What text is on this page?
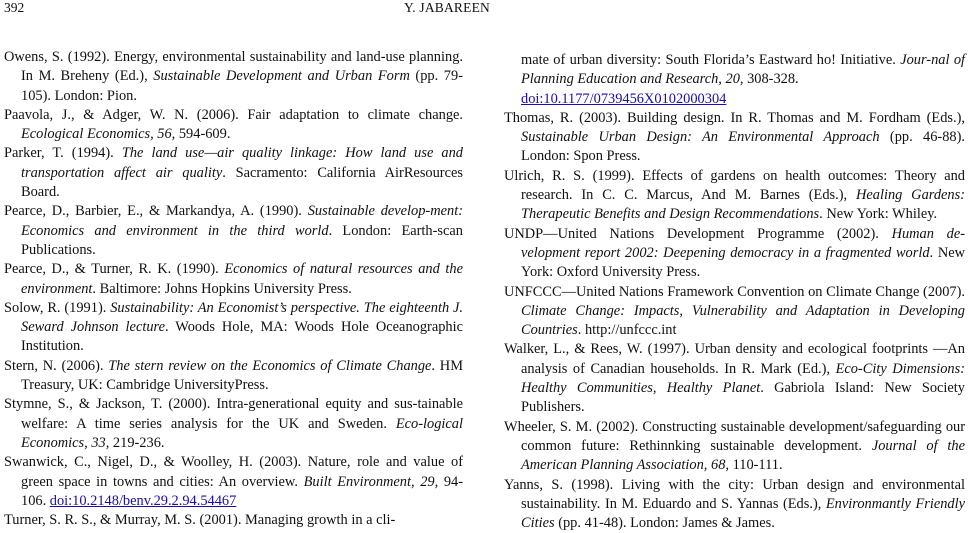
392	Y. JABAREEN

Owens, S. (1992). Energy, environmental sustainability and land-use planning. In M. Breheny (Ed.), Sustainable Development and Urban Form (pp. 79-105). London: Pion.

Paavola, J., & Adger, W. N. (2006). Fair adaptation to climate change. Ecological Economics, 56, 594-609.

Parker, T. (1994). The land use—air quality linkage: How land use and transportation affect air quality. Sacramento: California AirResources Board.

Pearce, D., Barbier, E., & Markandya, A. (1990). Sustainable develop-ment: Economics and environment in the third world. London: Earth-scan Publications.

Pearce, D., & Turner, R. K. (1990). Economics of natural resources and the environment. Baltimore: Johns Hopkins University Press.

Solow, R. (1991). Sustainability: An Economist’s perspective. The eighteenth J. Seward Johnson lecture. Woods Hole, MA: Woods Hole Oceanographic Institution.

Stern, N. (2006). The stern review on the Economics of Climate Change. HM Treasury, UK: Cambridge UniversityPress.

Stymne, S., & Jackson, T. (2000). Intra-generational equity and sus-tainable welfare: A time series analysis for the UK and Sweden. Eco-logical Economics, 33, 219-236.

Swanwick, C., Nigel, D., & Woolley, H. (2003). Nature, role and value of green space in towns and cities: An overview. Built Environment, 29, 94-106. doi:10.2148/benv.29.2.94.54467

Turner, S. R. S., & Murray, M. S. (2001). Managing growth in a cli-

mate of urban diversity: South Florida’s Eastward ho! Initiative. Jour-nal of Planning Education and Research, 20, 308-328.
doi:10.1177/0739456X0102000304

Thomas, R. (2003). Building design. In R. Thomas and M. Fordham (Eds.), Sustainable Urban Design: An Environmental Approach (pp. 46-88). London: Spon Press.

Ulrich, R. S. (1999). Effects of gardens on health outcomes: Theory and research. In C. C. Marcus, And M. Barnes (Eds.), Healing Gardens: Therapeutic Benefits and Design Recommendations. New York: Whiley.

UNDP—United Nations Development Programme (2002). Human de-velopment report 2002: Deepening democracy in a fragmented world. New York: Oxford University Press.

UNFCCC—United Nations Framework Convention on Climate Change (2007). Climate Change: Impacts, Vulnerability and Adaptation in Developing Countries. http://unfccc.int

Walker, L., & Rees, W. (1997). Urban density and ecological footprints —An analysis of Canadian households. In R. Mark (Ed.), Eco-City Dimensions: Healthy Communities, Healthy Planet. Gabriola Island: New Society Publishers.

Wheeler, S. M. (2002). Constructing sustainable development/safeguarding our common future: Rethinnking sustainable development. Journal of the American Planning Association, 68, 110-111.

Yanns, S. (1998). Living with the city: Urban design and environmental sustainability. In M. Eduardo and S. Yannas (Eds.), Environmantly Friendly Cities (pp. 41-48). London: James & James.
